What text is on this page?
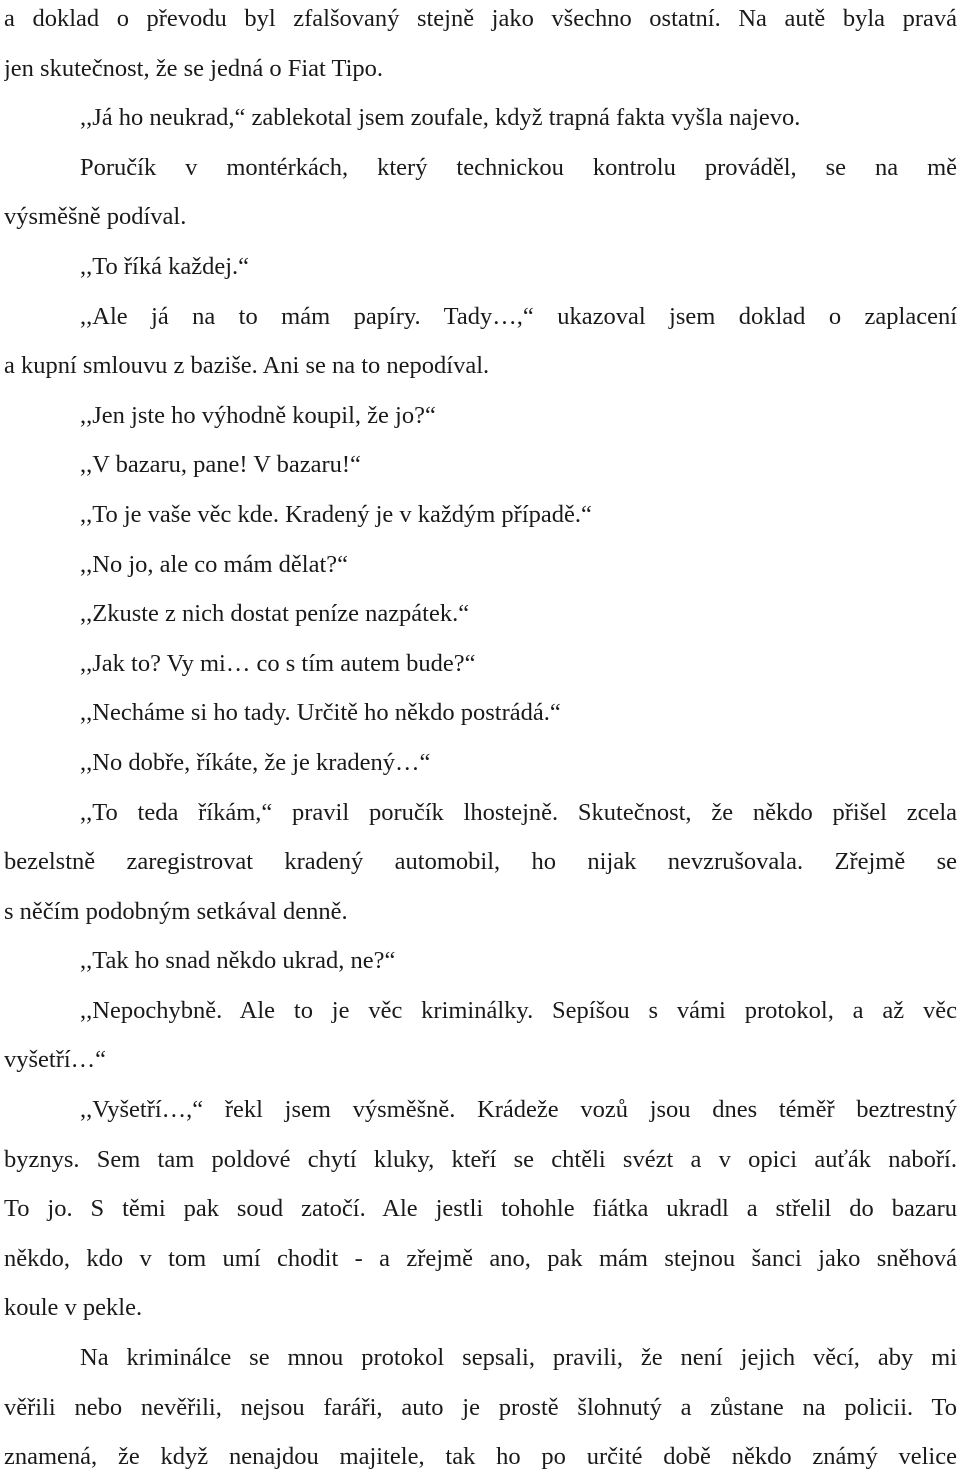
a doklad o převodu byl zfalšovaný stejně jako všechno ostatní. Na autě byla pravá
jen skutečnost, že se jedná o Fiat Tipo.
,,Já ho neukrad,“ zablekotal jsem zoufale, když trapná fakta vyšla najevo.
Poručík v montérkách, který technickou kontrolu prováděl, se na mě
výsměšně podíval.
,,To říká každej.“
,,Ale já na to mám papíry. Tady…,“ ukazoval jsem doklad o zaplacení
a kupní smlouvu z baziše. Ani se na to nepodíval.
,,Jen jste ho výhodně koupil, že jo?“
,,V bazaru, pane! V bazaru!“
,,To je vaše věc kde. Kradený je v každým případě.“
,,No jo, ale co mám dělat?“
,,Zkuste z nich dostat peníze nazpátek.“
,,Jak to? Vy mi… co s tím autem bude?“
,,Necháme si ho tady. Určitě ho někdo postrádá.“
,,No dobře, říkáte, že je kradený…“
,,To teda říkám,“ pravil poručík lhostejně. Skutečnost, že někdo přišel zcela
bezelstně zaregistrovat kradený automobil, ho nijak nevzrušovala. Zřejmě se
s něčím podobným setkával denně.
,,Tak ho snad někdo ukrad, ne?“
,,Nepochybně. Ale to je věc kriminálky. Sepíšou s vámi protokol, a až věc
vyšetří…“
,,Vyšetří…,“ řekl jsem výsměšně. Krádeže vozů jsou dnes téměř beztrestný
byznys. Sem tam poldové chytí kluky, kteří se chtěli svézt a v opici auťák naboří.
To jo. S těmi pak soud zatočí. Ale jestli tohohle fiátka ukradl a střelil do bazaru
někdo, kdo v tom umí chodit - a zřejmě ano, pak mám stejnou šanci jako sněhová
koule v pekle.
Na kriminálce se mnou protokol sepsali, pravili, že není jejich věcí, aby mi
věřili nebo nevěřili, nejsou faráři, auto je prostě šlohnutý a zůstane na policii. To
znamená, že když nenajdou majitele, tak ho po určité době někdo známý velice
